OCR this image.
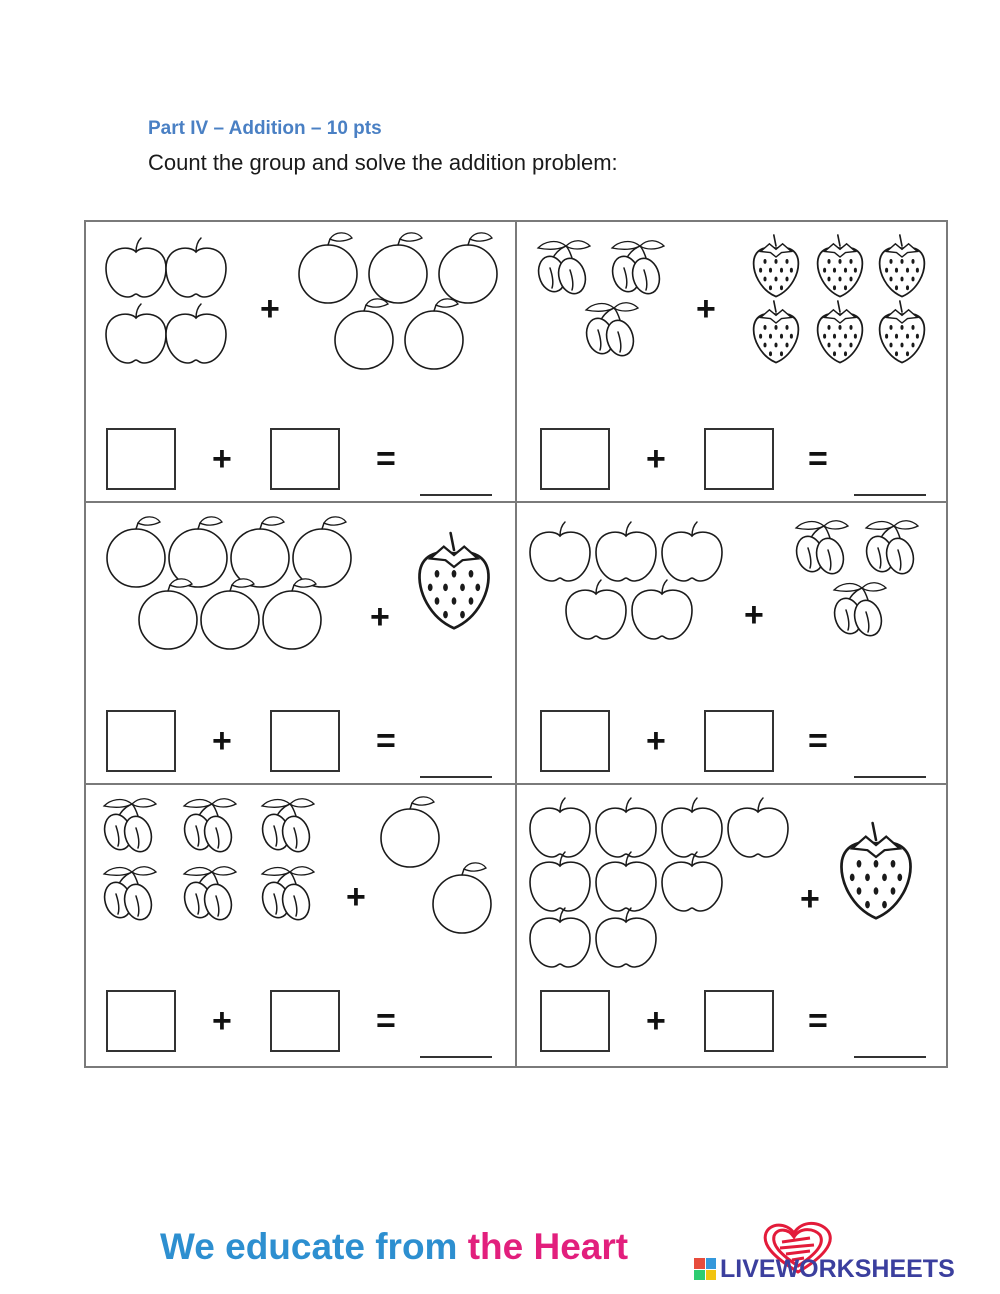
Part IV – Addition – 10 pts
Count the group and solve the addition problem:
+
+	=
+
+	=
+
+	=
+
+	=
+
+	=
+
+	=
We educate from the Heart
LIVEWORKSHEETS
